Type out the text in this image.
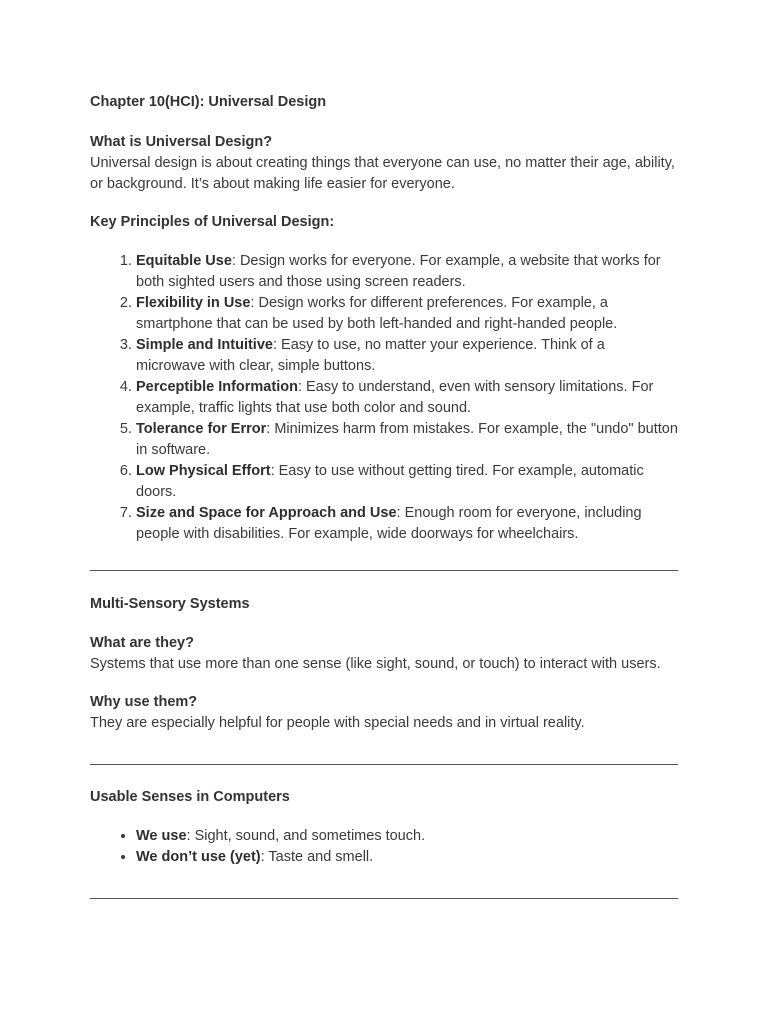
Chapter 10(HCI): Universal Design

What is Universal Design?

Universal design is about creating things that everyone can use, no matter their age, ability, or background. It’s about making life easier for everyone.

Key Principles of Universal Design:

1. Equitable Use: Design works for everyone. For example, a website that works for both sighted users and those using screen readers.
2. Flexibility in Use: Design works for different preferences. For example, a smartphone that can be used by both left-handed and right-handed people.
3. Simple and Intuitive: Easy to use, no matter your experience. Think of a microwave with clear, simple buttons.
4. Perceptible Information: Easy to understand, even with sensory limitations. For example, traffic lights that use both color and sound.
5. Tolerance for Error: Minimizes harm from mistakes. For example, the "undo" button in software.
6. Low Physical Effort: Easy to use without getting tired. For example, automatic doors.
7. Size and Space for Approach and Use: Enough room for everyone, including people with disabilities. For example, wide doorways for wheelchairs.

Multi-Sensory Systems

What are they?

Systems that use more than one sense (like sight, sound, or touch) to interact with users.

Why use them?

They are especially helpful for people with special needs and in virtual reality.

Usable Senses in Computers

• We use: Sight, sound, and sometimes touch.
• We don’t use (yet): Taste and smell.
